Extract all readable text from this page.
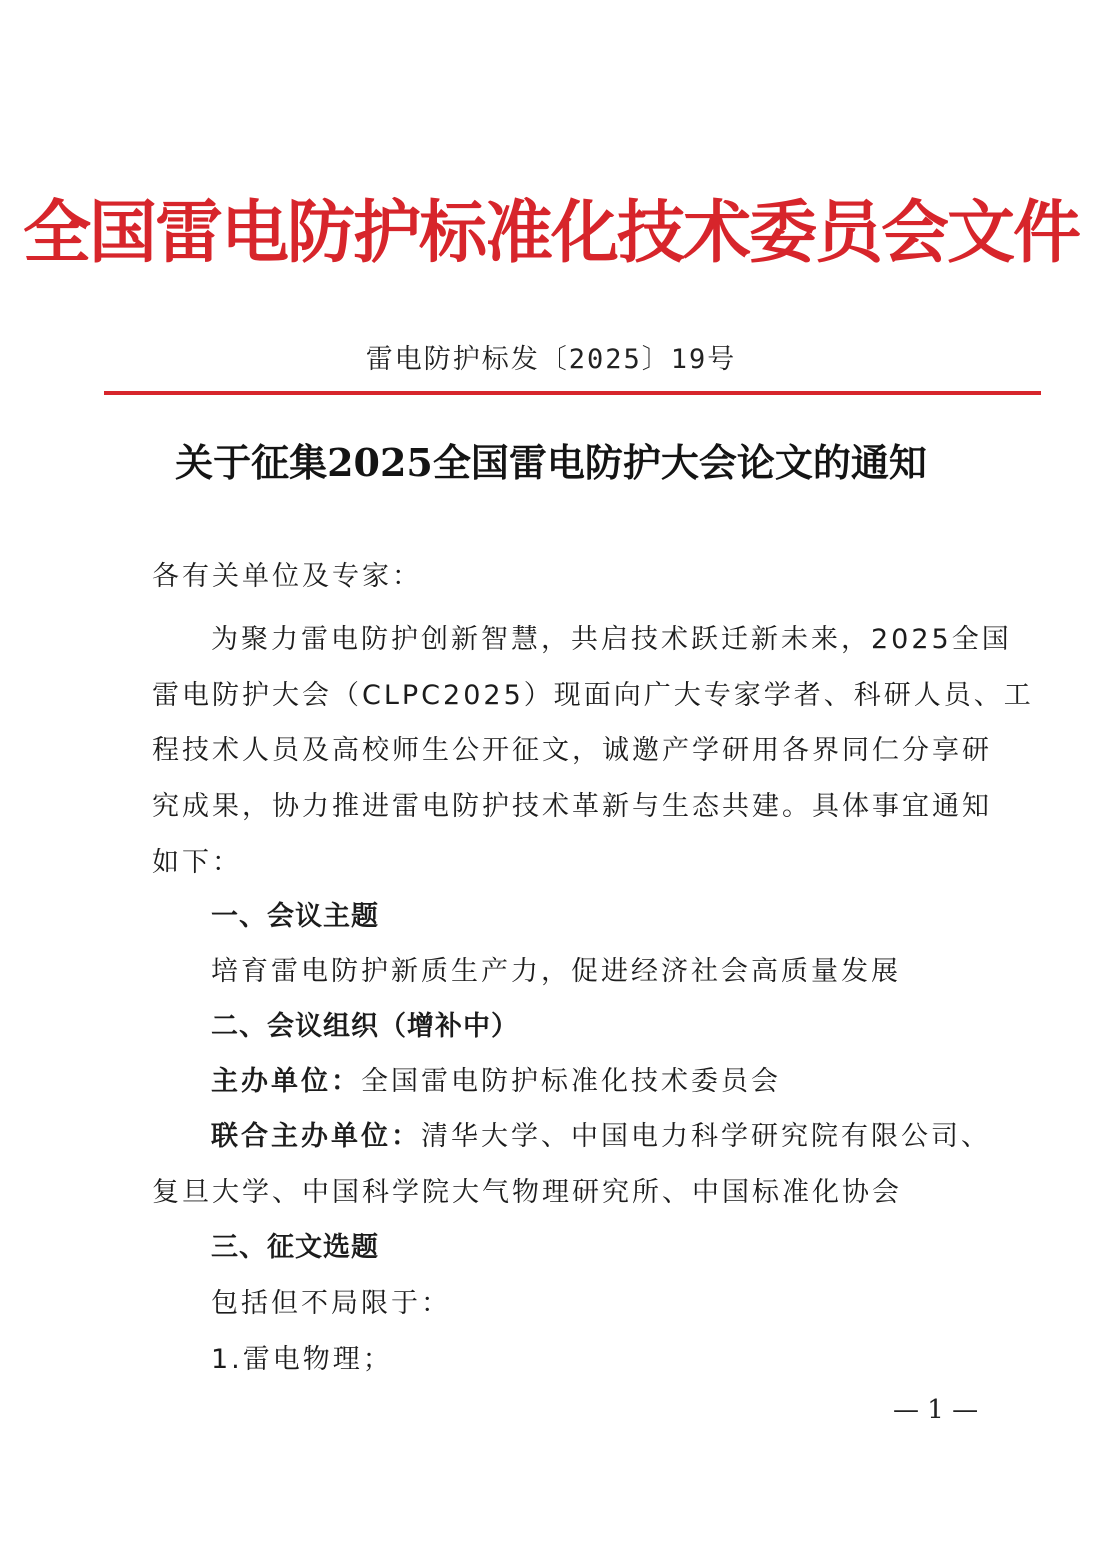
全国雷电防护标准化技术委员会文件
雷电防护标发〔2025〕19号
关于征集2025全国雷电防护大会论文的通知
各有关单位及专家：
为聚力雷电防护创新智慧，共启技术跃迁新未来，2025全国
雷电防护大会（CLPC2025）现面向广大专家学者、科研人员、工
程技术人员及高校师生公开征文，诚邀产学研用各界同仁分享研
究成果，协力推进雷电防护技术革新与生态共建。具体事宜通知
如下：
一、会议主题
培育雷电防护新质生产力，促进经济社会高质量发展
二、会议组织（增补中）
主办单位：全国雷电防护标准化技术委员会
联合主办单位：清华大学、中国电力科学研究院有限公司、
复旦大学、中国科学院大气物理研究所、中国标准化协会
三、征文选题
包括但不局限于：
1.雷电物理；
— 1 —
